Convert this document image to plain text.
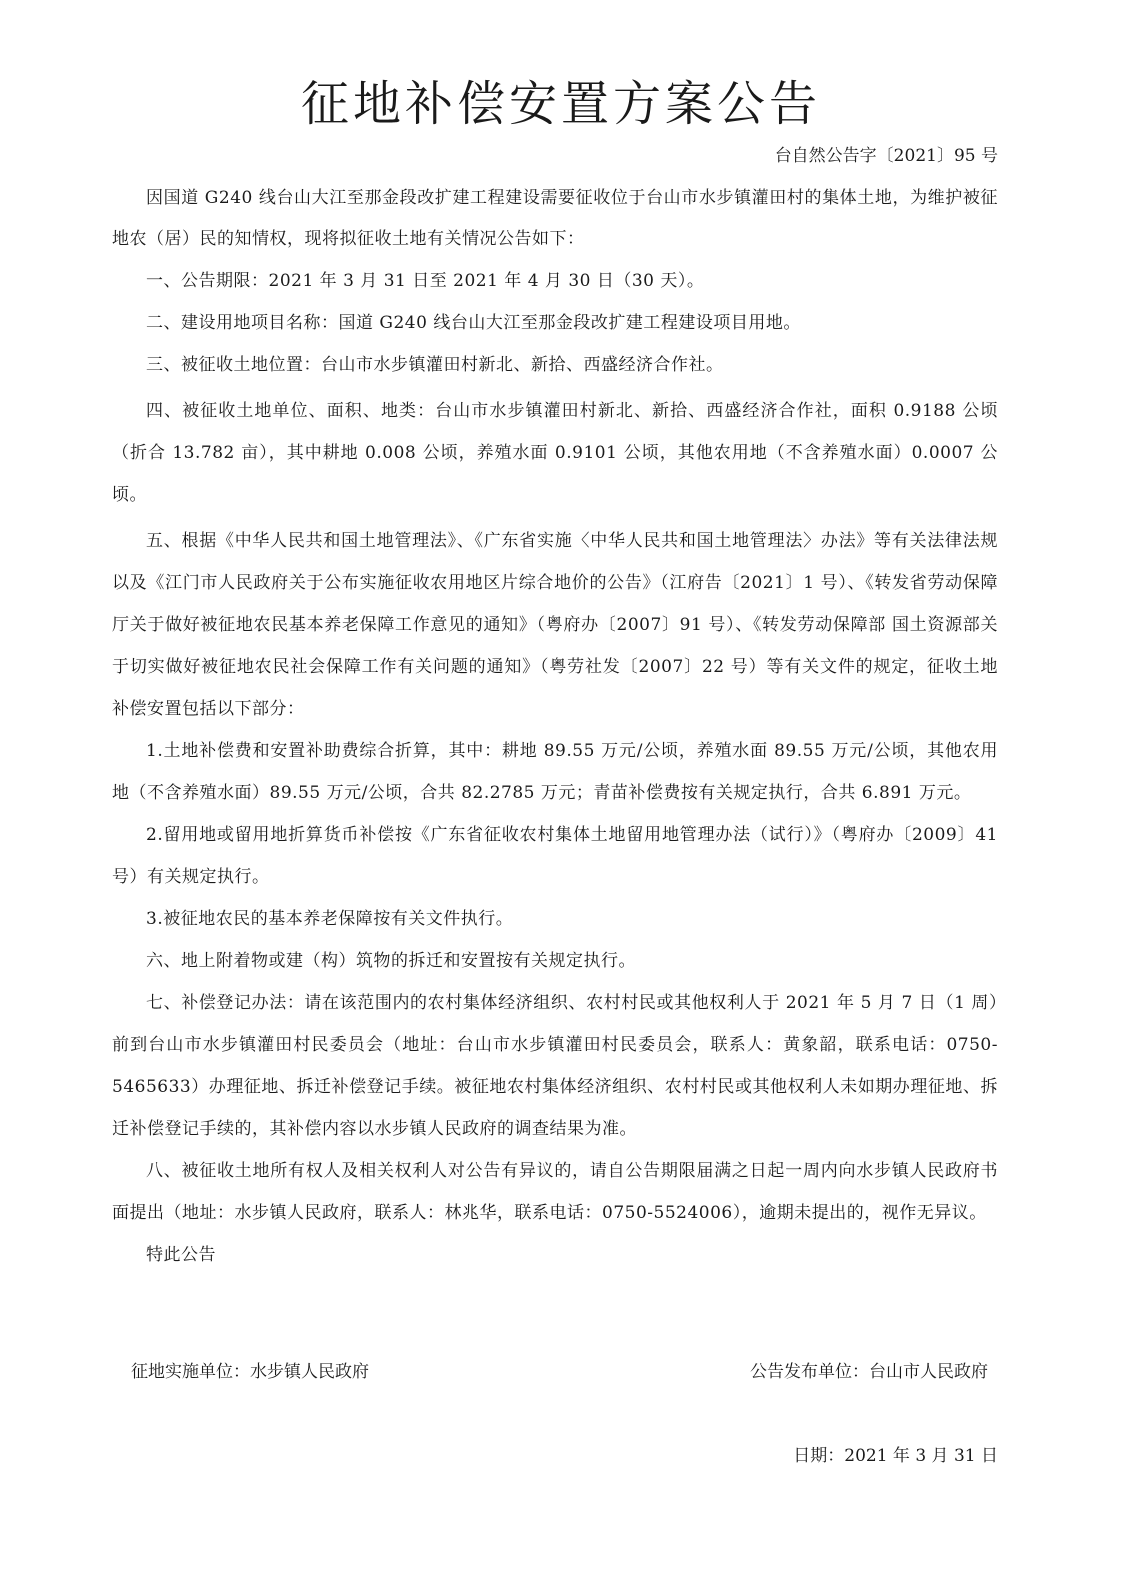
征地补偿安置方案公告
台自然公告字〔2021〕95 号

因国道 G240 线台山大江至那金段改扩建工程建设需要征收位于台山市水步镇灌田村的集体土地，为维护被征地农（居）民的知情权，现将拟征收土地有关情况公告如下：

一、公告期限：2021 年 3 月 31 日至 2021 年 4 月 30 日（30 天）。

二、建设用地项目名称：国道 G240 线台山大江至那金段改扩建工程建设项目用地。

三、被征收土地位置：台山市水步镇灌田村新北、新拾、西盛经济合作社。

四、被征收土地单位、面积、地类：台山市水步镇灌田村新北、新拾、西盛经济合作社，面积 0.9188 公顷（折合 13.782 亩），其中耕地 0.008 公顷，养殖水面 0.9101 公顷，其他农用地（不含养殖水面）0.0007 公顷。

五、根据《中华人民共和国土地管理法》、《广东省实施〈中华人民共和国土地管理法〉办法》等有关法律法规以及《江门市人民政府关于公布实施征收农用地区片综合地价的公告》（江府告〔2021〕1 号）、《转发省劳动保障厅关于做好被征地农民基本养老保障工作意见的通知》（粤府办〔2007〕91 号）、《转发劳动保障部 国土资源部关于切实做好被征地农民社会保障工作有关问题的通知》（粤劳社发〔2007〕22 号）等有关文件的规定，征收土地补偿安置包括以下部分：

1.土地补偿费和安置补助费综合折算，其中：耕地 89.55 万元/公顷，养殖水面 89.55 万元/公顷，其他农用地（不含养殖水面）89.55 万元/公顷，合共 82.2785 万元；青苗补偿费按有关规定执行，合共 6.891 万元。

2.留用地或留用地折算货币补偿按《广东省征收农村集体土地留用地管理办法（试行）》（粤府办〔2009〕41 号）有关规定执行。

3.被征地农民的基本养老保障按有关文件执行。

六、地上附着物或建（构）筑物的拆迁和安置按有关规定执行。

七、补偿登记办法：请在该范围内的农村集体经济组织、农村村民或其他权利人于 2021 年 5 月 7 日（1 周）前到台山市水步镇灌田村民委员会（地址：台山市水步镇灌田村民委员会，联系人：黄象韶，联系电话：0750-5465633）办理征地、拆迁补偿登记手续。被征地农村集体经济组织、农村村民或其他权利人未如期办理征地、拆迁补偿登记手续的，其补偿内容以水步镇人民政府的调查结果为准。

八、被征收土地所有权人及相关权利人对公告有异议的，请自公告期限届满之日起一周内向水步镇人民政府书面提出（地址：水步镇人民政府，联系人：林兆华，联系电话：0750-5524006），逾期未提出的，视作无异议。

特此公告

征地实施单位：水步镇人民政府	公告发布单位：台山市人民政府
日期：2021 年 3 月 31 日
